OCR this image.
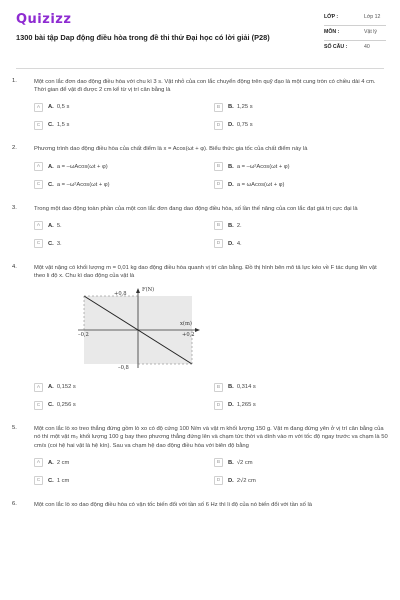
Quizizz
1300 bài tập Dap động điều hòa trong đề thi thử Đại học có lời giải (P28)
LỚP :	Lớp 12
MÔN :	Vật lý
SỐ CÂU :	40
1.	Một con lắc đơn dao động điều hòa với chu kì 3 s. Vật nhỏ của con lắc chuyển động trên quỹ đạo là một cung tròn có chiều dài 4 cm. Thời gian để vật đi được 2 cm kể từ vị trí cân bằng là
A	A. 0,5 s	B	B. 1,25 s
C	C. 1,5 s	D	D. 0,75 s
2.	Phương trình dao động điều hòa của chất điểm là x = Acos(ωt + φ). Biểu thức gia tốc của chất điểm này là
A	A. a = –ωAcos(ωt + φ)	B	B. a = –ω²Acos(ωt + φ)
C	C. a = –ω²Acos(ωt + φ)	D	D. a = ωAcos(ωt + φ)
3.	Trong một dao động toàn phần của một con lắc đơn đang dao động điều hòa, số lần thế năng của con lắc đạt giá trị cực đại là
A	A. 5.	B	B. 2.
C	C. 3.	D	D. 4.
4.	Một vật nặng có khối lượng m = 0,01 kg dao động điều hòa quanh vị trí cân bằng. Đồ thị hình bên mô tả lực kéo về F tác dụng lên vật theo li độ x. Chu kì dao động của vật là
+0,8
F(N)
x(m)
–0,2	+0,2
–0,8
A	A. 0,152 s	B	B. 0,314 s
C	C. 0,256 s	D	D. 1,265 s
5.	Một con lắc lò xo treo thẳng đứng gồm lò xo có độ cứng 100 N/m và vật m khối lượng 150 g. Vật m đang đứng yên ở vị trí cân bằng của nó thì một vật m₀ khối lượng 100 g bay theo phương thẳng đứng lên và chạm tức thời và dính vào m với tốc độ ngay trước va chạm là 50 cm/s (coi hệ hai vật là hệ kín). Sau va chạm hệ dao động điều hòa với biên độ bằng
A	A. 2 cm	B	B. √2 cm
C	C. 1 cm	D	D. 2√2 cm
6.	Một con lắc lò xo dao động điều hòa có vận tốc biến đổi với tần số 6 Hz thì li độ của nó biến đổi với tần số là
